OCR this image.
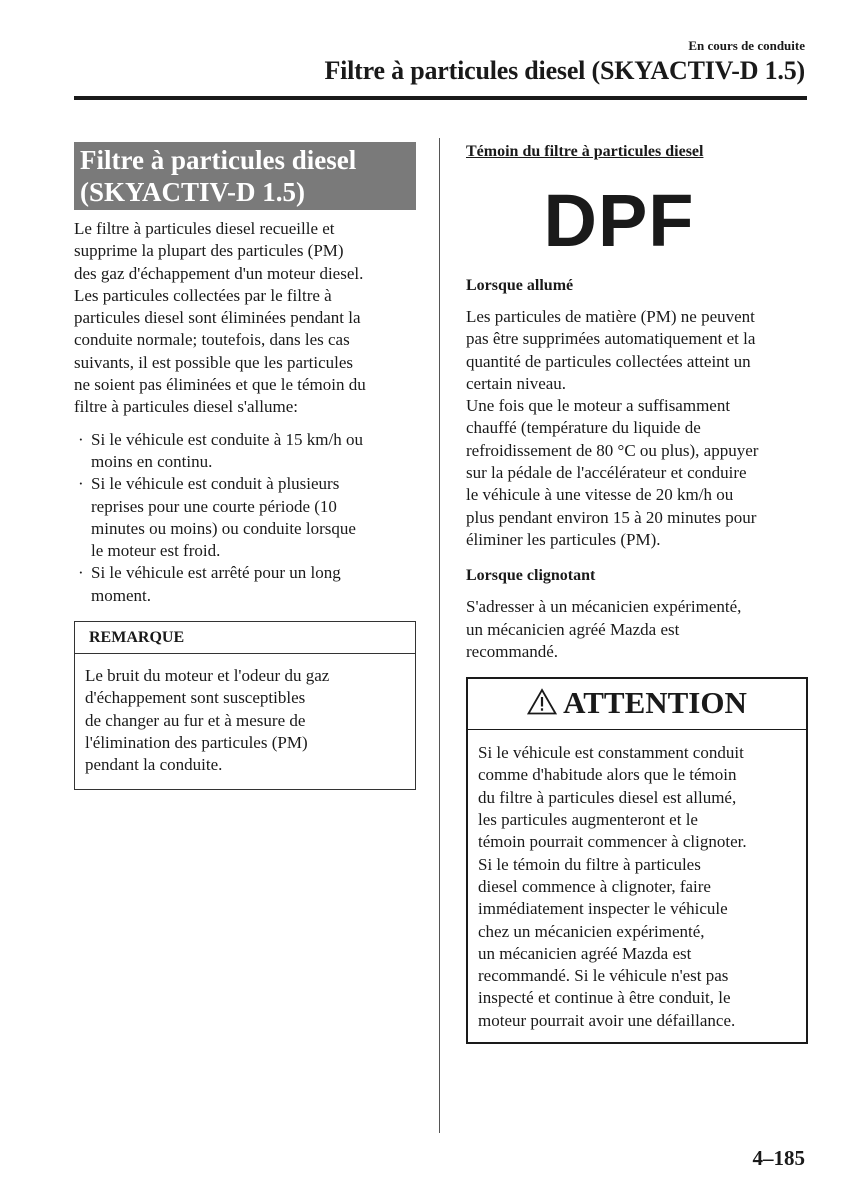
En cours de conduite
Filtre à particules diesel (SKYACTIV-D 1.5)
Filtre à particules diesel
(SKYACTIV-D 1.5)
Le filtre à particules diesel recueille et
supprime la plupart des particules (PM)
des gaz d'échappement d'un moteur diesel.
Les particules collectées par le filtre à
particules diesel sont éliminées pendant la
conduite normale; toutefois, dans les cas
suivants, il est possible que les particules
ne soient pas éliminées et que le témoin du
filtre à particules diesel s'allume:
· Si le véhicule est conduite à 15 km/h ou
moins en continu.
· Si le véhicule est conduit à plusieurs
reprises pour une courte période (10
minutes ou moins) ou conduite lorsque
le moteur est froid.
· Si le véhicule est arrêté pour un long
moment.
REMARQUE
Le bruit du moteur et l'odeur du gaz
d'échappement sont susceptibles
de changer au fur et à mesure de
l'élimination des particules (PM)
pendant la conduite.
Témoin du filtre à particules diesel
DPF
Lorsque allumé
Les particules de matière (PM) ne peuvent
pas être supprimées automatiquement et la
quantité de particules collectées atteint un
certain niveau.
Une fois que le moteur a suffisamment
chauffé (température du liquide de
refroidissement de 80 °C ou plus), appuyer
sur la pédale de l'accélérateur et conduire
le véhicule à une vitesse de 20 km/h ou
plus pendant environ 15 à 20 minutes pour
éliminer les particules (PM).
Lorsque clignotant
S'adresser à un mécanicien expérimenté,
un mécanicien agréé Mazda est
recommandé.
ATTENTION
Si le véhicule est constamment conduit
comme d'habitude alors que le témoin
du filtre à particules diesel est allumé,
les particules augmenteront et le
témoin pourrait commencer à clignoter.
Si le témoin du filtre à particules
diesel commence à clignoter, faire
immédiatement inspecter le véhicule
chez un mécanicien expérimenté,
un mécanicien agréé Mazda est
recommandé. Si le véhicule n'est pas
inspecté et continue à être conduit, le
moteur pourrait avoir une défaillance.
4–185
